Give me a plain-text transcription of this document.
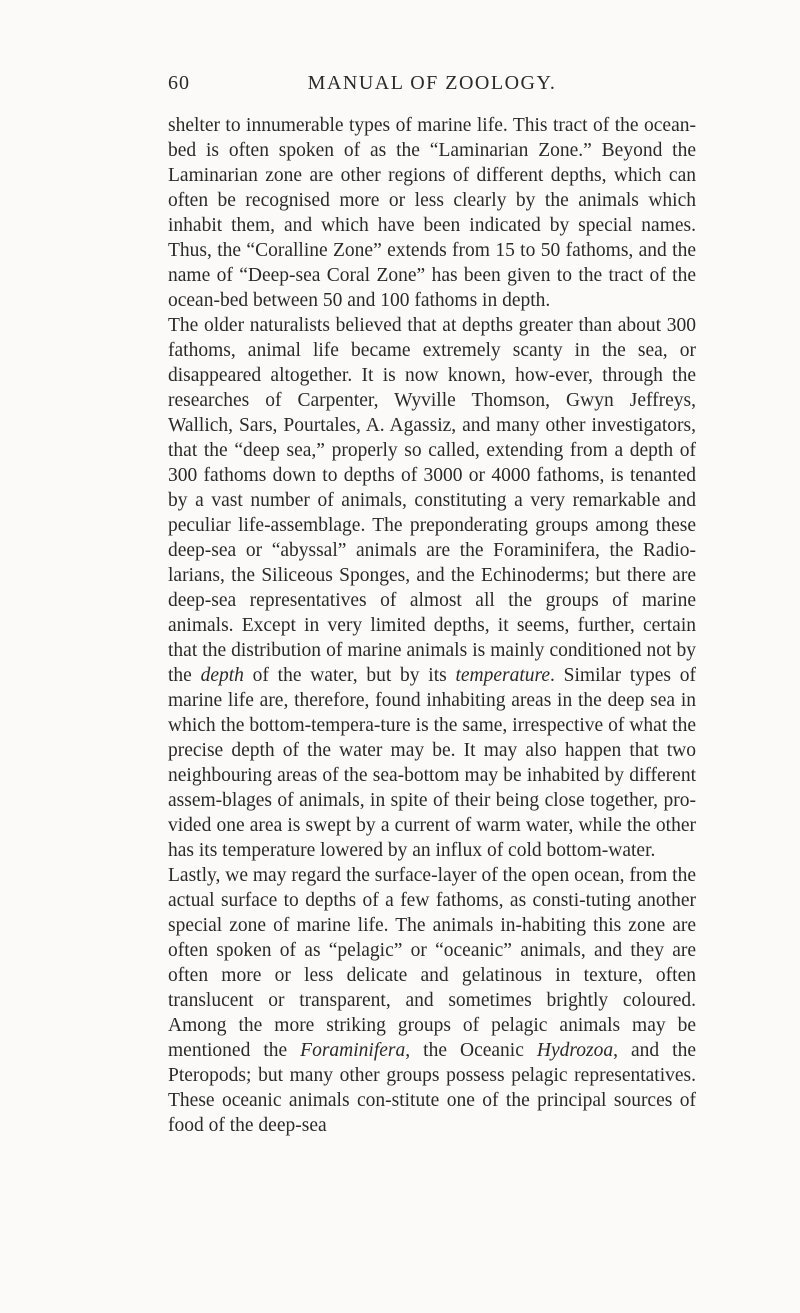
60	MANUAL OF ZOOLOGY.

shelter to innumerable types of marine life. This tract of the ocean-bed is often spoken of as the “Laminarian Zone.” Beyond the Laminarian zone are other regions of different depths, which can often be recognised more or less clearly by the animals which inhabit them, and which have been indicated by special names. Thus, the “Coralline Zone” extends from 15 to 50 fathoms, and the name of “Deep-sea Coral Zone” has been given to the tract of the ocean-bed between 50 and 100 fathoms in depth.

The older naturalists believed that at depths greater than about 300 fathoms, animal life became extremely scanty in the sea, or disappeared altogether. It is now known, how-ever, through the researches of Carpenter, Wyville Thomson, Gwyn Jeffreys, Wallich, Sars, Pourtales, A. Agassiz, and many other investigators, that the “deep sea,” properly so called, extending from a depth of 300 fathoms down to depths of 3000 or 4000 fathoms, is tenanted by a vast number of animals, constituting a very remarkable and peculiar life-assemblage. The preponderating groups among these deep-sea or “abyssal” animals are the Foraminifera, the Radio-larians, the Siliceous Sponges, and the Echinoderms; but there are deep-sea representatives of almost all the groups of marine animals. Except in very limited depths, it seems, further, certain that the distribution of marine animals is mainly conditioned not by the depth of the water, but by its temperature. Similar types of marine life are, therefore, found inhabiting areas in the deep sea in which the bottom-tempera-ture is the same, irrespective of what the precise depth of the water may be. It may also happen that two neighbouring areas of the sea-bottom may be inhabited by different assem-blages of animals, in spite of their being close together, pro-vided one area is swept by a current of warm water, while the other has its temperature lowered by an influx of cold bottom-water.

Lastly, we may regard the surface-layer of the open ocean, from the actual surface to depths of a few fathoms, as consti-tuting another special zone of marine life. The animals in-habiting this zone are often spoken of as “pelagic” or “oceanic” animals, and they are often more or less delicate and gelatinous in texture, often translucent or transparent, and sometimes brightly coloured. Among the more striking groups of pelagic animals may be mentioned the Foraminifera, the Oceanic Hydrozoa, and the Pteropods; but many other groups possess pelagic representatives. These oceanic animals con-stitute one of the principal sources of food of the deep-sea
